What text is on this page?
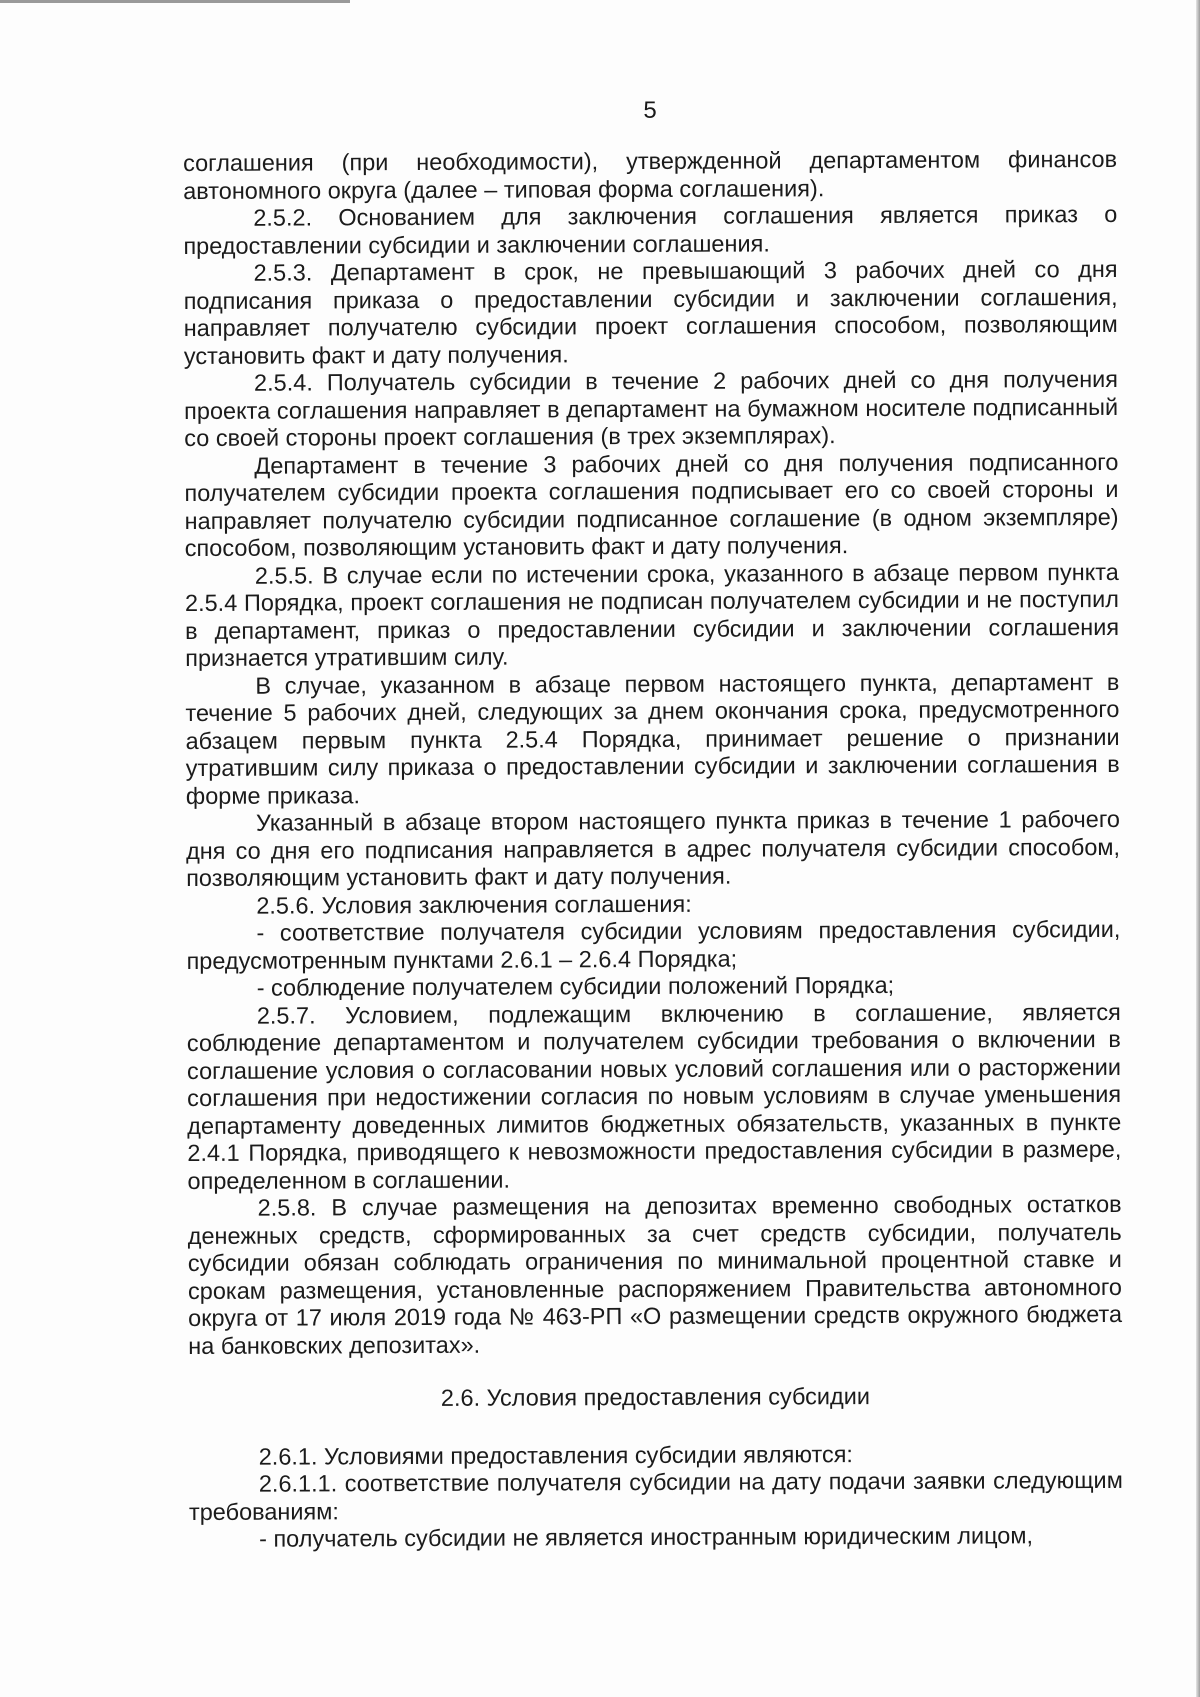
5

соглашения (при необходимости), утвержденной департаментом финансов автономного округа (далее – типовая форма соглашения).

2.5.2. Основанием для заключения соглашения является приказ о предоставлении субсидии и заключении соглашения.

2.5.3. Департамент в срок, не превышающий 3 рабочих дней со дня подписания приказа о предоставлении субсидии и заключении соглашения, направляет получателю субсидии проект соглашения способом, позволяющим установить факт и дату получения.

2.5.4. Получатель субсидии в течение 2 рабочих дней со дня получения проекта соглашения направляет в департамент на бумажном носителе подписанный со своей стороны проект соглашения (в трех экземплярах).

Департамент в течение 3 рабочих дней со дня получения подписанного получателем субсидии проекта соглашения подписывает его со своей стороны и направляет получателю субсидии подписанное соглашение (в одном экземпляре) способом, позволяющим установить факт и дату получения.

2.5.5. В случае если по истечении срока, указанного в абзаце первом пункта 2.5.4 Порядка, проект соглашения не подписан получателем субсидии и не поступил в департамент, приказ о предоставлении субсидии и заключении соглашения признается утратившим силу.

В случае, указанном в абзаце первом настоящего пункта, департамент в течение 5 рабочих дней, следующих за днем окончания срока, предусмотренного абзацем первым пункта 2.5.4 Порядка, принимает решение о признании утратившим силу приказа о предоставлении субсидии и заключении соглашения в форме приказа.

Указанный в абзаце втором настоящего пункта приказ в течение 1 рабочего дня со дня его подписания направляется в адрес получателя субсидии способом, позволяющим установить факт и дату получения.

2.5.6. Условия заключения соглашения:

- соответствие получателя субсидии условиям предоставления субсидии, предусмотренным пунктами 2.6.1 – 2.6.4 Порядка;

- соблюдение получателем субсидии положений Порядка;

2.5.7. Условием, подлежащим включению в соглашение, является соблюдение департаментом и получателем субсидии требования о включении в соглашение условия о согласовании новых условий соглашения или о расторжении соглашения при недостижении согласия по новым условиям в случае уменьшения департаменту доведенных лимитов бюджетных обязательств, указанных в пункте 2.4.1 Порядка, приводящего к невозможности предоставления субсидии в размере, определенном в соглашении.

2.5.8. В случае размещения на депозитах временно свободных остатков денежных средств, сформированных за счет средств субсидии, получатель субсидии обязан соблюдать ограничения по минимальной процентной ставке и срокам размещения, установленные распоряжением Правительства автономного округа от 17 июля 2019 года № 463-РП «О размещении средств окружного бюджета на банковских депозитах».

2.6. Условия предоставления субсидии

2.6.1. Условиями предоставления субсидии являются:

2.6.1.1. соответствие получателя субсидии на дату подачи заявки следующим требованиям:

- получатель субсидии не является иностранным юридическим лицом,
